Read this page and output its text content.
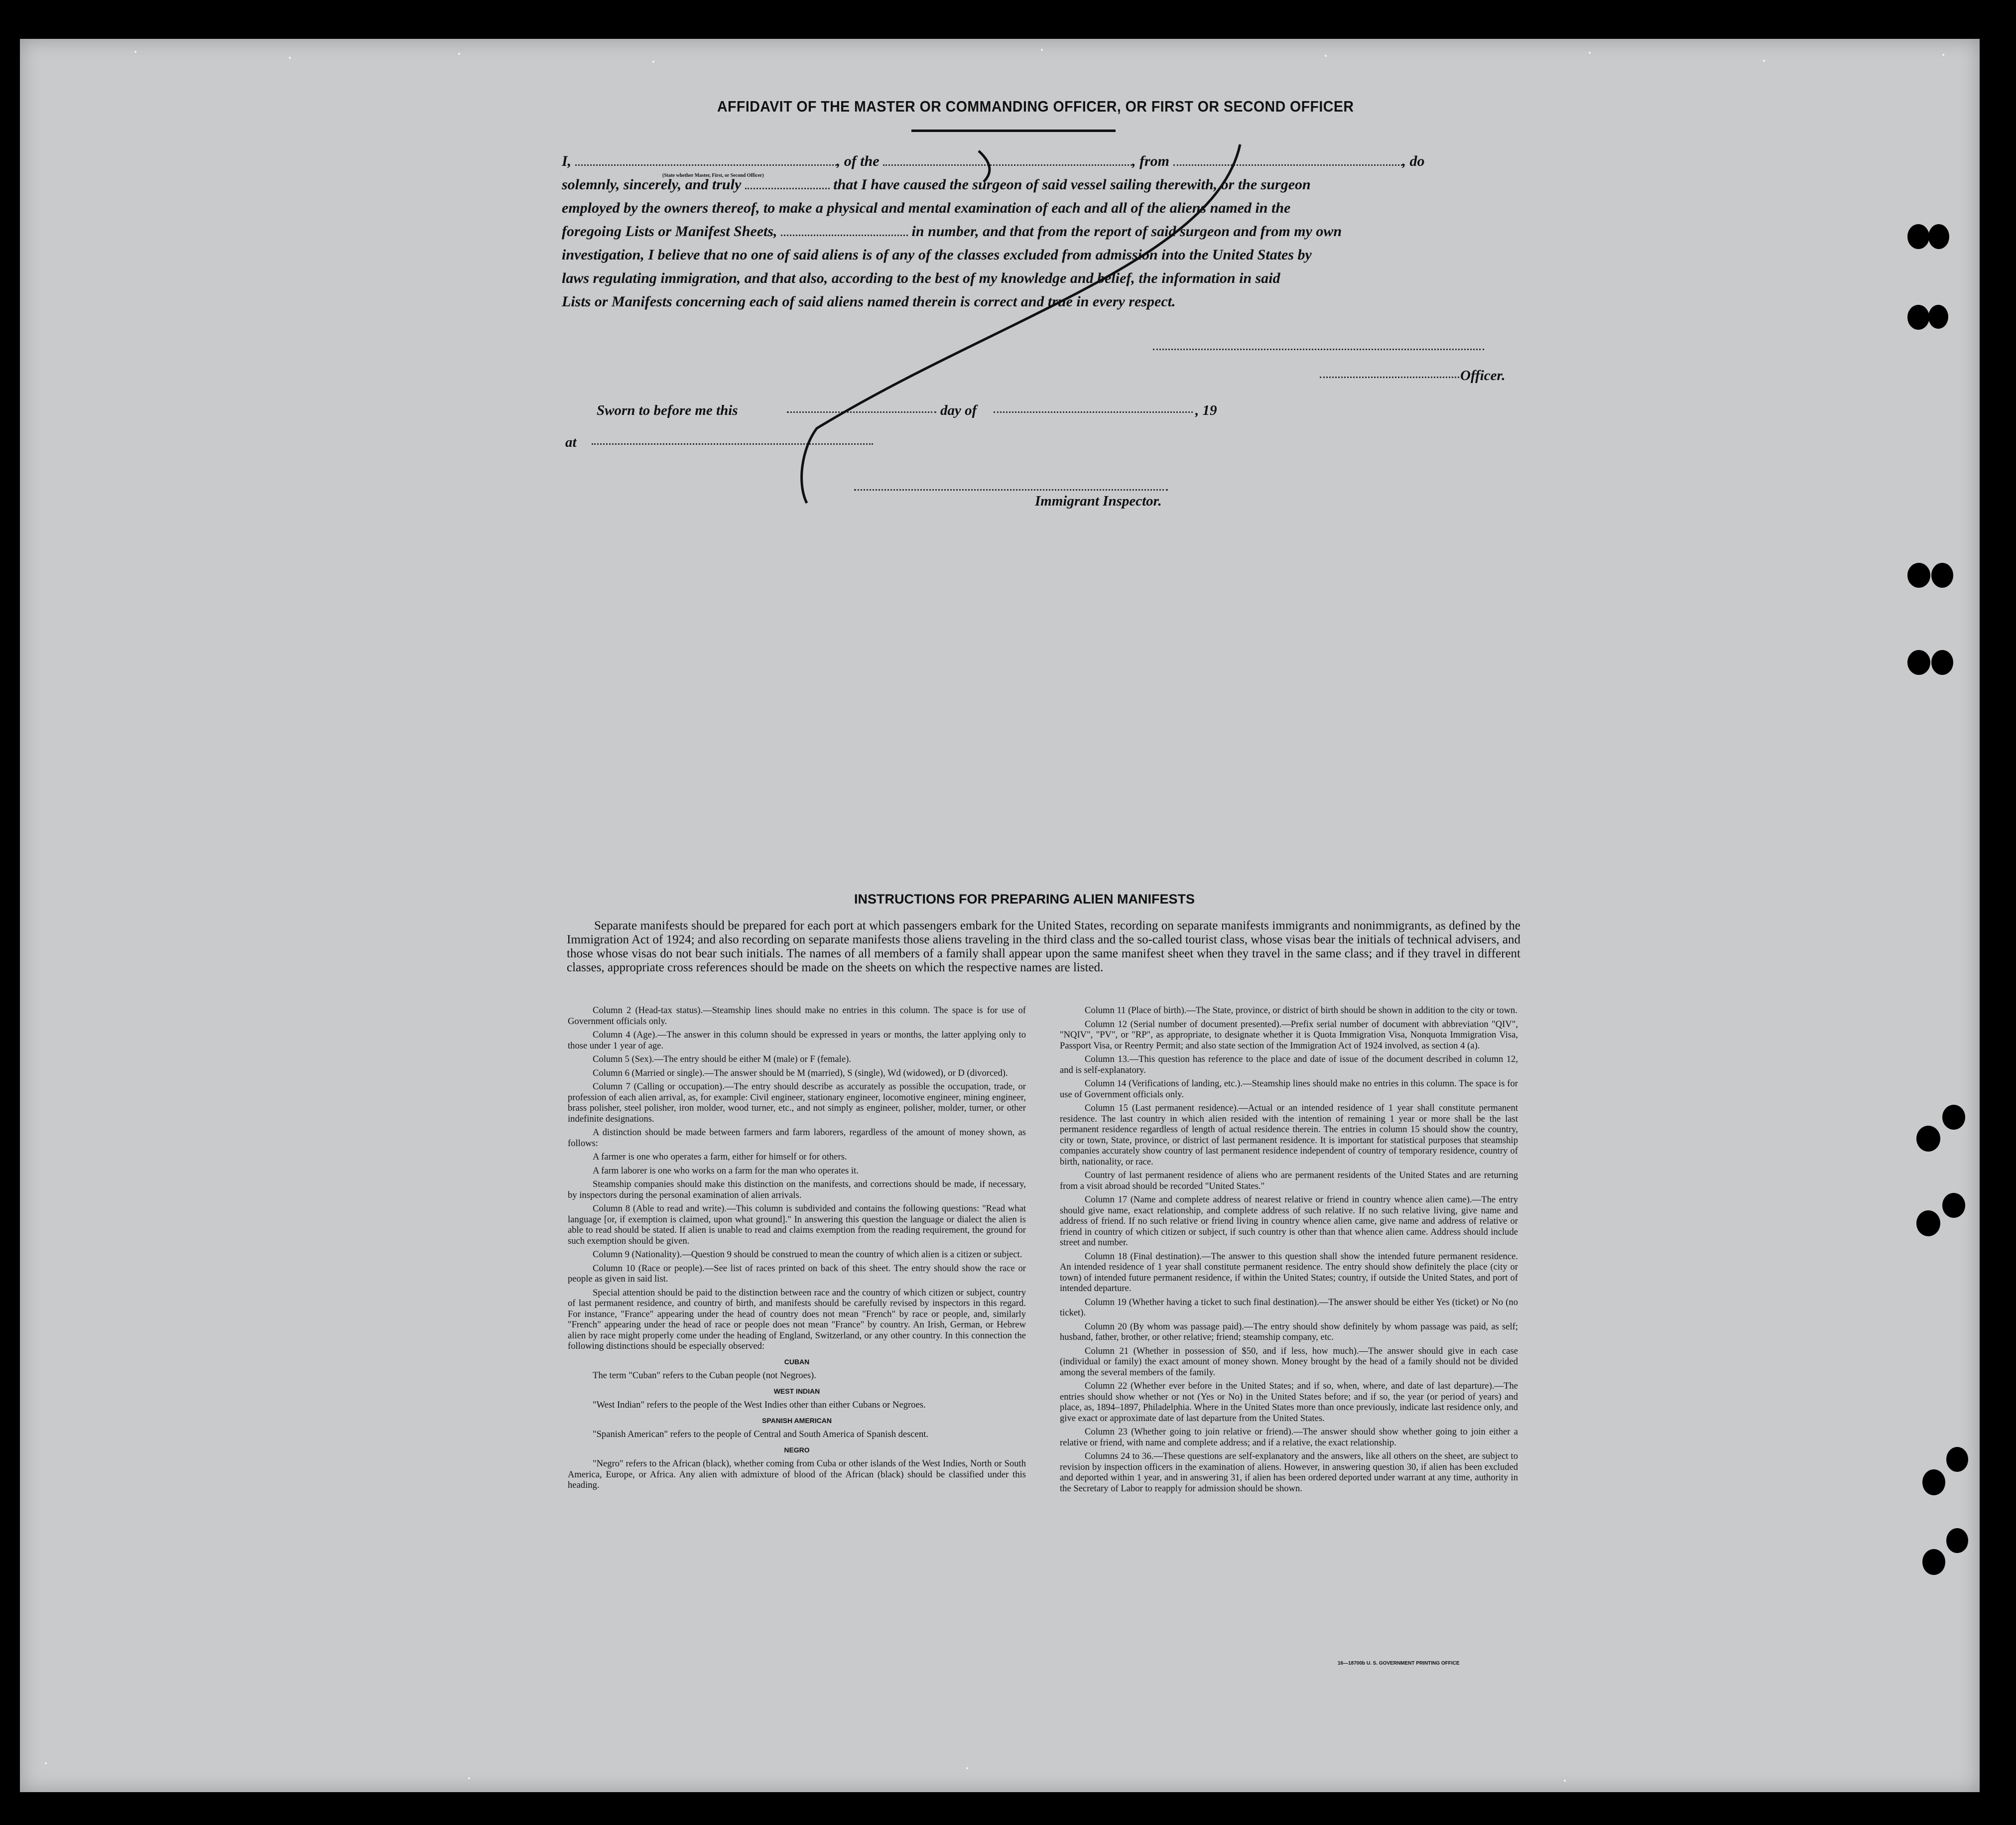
AFFIDAVIT OF THE MASTER OR COMMANDING OFFICER, OR FIRST OR SECOND OFFICER
I,	, of the	, from	, do
solemnly, sincerely, and truly	that I have caused the surgeon of said vessel sailing therewith, or the surgeon
employed by the owners thereof, to make a physical and mental examination of each and all of the aliens named in the
foregoing Lists or Manifest Sheets,	in number, and that from the report of said surgeon and from my own
investigation, I believe that no one of said aliens is of any of the classes excluded from admission into the United States by
laws regulating immigration, and that also, according to the best of my knowledge and belief, the information in said
Lists or Manifests concerning each of said aliens named therein is correct and true in every respect.
(State whether Master, First, or Second Officer)
Officer.
Sworn to before me this	day of	, 19
at
Immigrant Inspector.
INSTRUCTIONS FOR PREPARING ALIEN MANIFESTS

Separate manifests should be prepared for each port at which passengers embark for the United States, recording on separate manifests immigrants and nonimmigrants, as defined by the Immigration Act of 1924; and also recording on separate manifests those aliens traveling in the third class and the so-called tourist class, whose visas bear the initials of technical advisers, and those whose visas do not bear such initials. The names of all members of a family shall appear upon the same manifest sheet when they travel in the same class; and if they travel in different classes, appropriate cross references should be made on the sheets on which the respective names are listed.

Column 2 (Head-tax status).—Steamship lines should make no entries in this column. The space is for use of Government officials only.

Column 4 (Age).—The answer in this column should be expressed in years or months, the latter applying only to those under 1 year of age.

Column 5 (Sex).—The entry should be either M (male) or F (female).

Column 6 (Married or single).—The answer should be M (married), S (single), Wd (widowed), or D (divorced).

Column 7 (Calling or occupation).—The entry should describe as accurately as possible the occupation, trade, or profession of each alien arrival, as, for example: Civil engineer, stationary engineer, locomotive engineer, mining engineer, brass polisher, steel polisher, iron molder, wood turner, etc., and not simply as engineer, polisher, molder, turner, or other indefinite designations.

A distinction should be made between farmers and farm laborers, regardless of the amount of money shown, as follows:

A farmer is one who operates a farm, either for himself or for others.

A farm laborer is one who works on a farm for the man who operates it.

Steamship companies should make this distinction on the manifests, and corrections should be made, if necessary, by inspectors during the personal examination of alien arrivals.

Column 8 (Able to read and write).—This column is subdivided and contains the following questions: "Read what language [or, if exemption is claimed, upon what ground]." In answering this question the language or dialect the alien is able to read should be stated. If alien is unable to read and claims exemption from the reading requirement, the ground for such exemption should be given.

Column 9 (Nationality).—Question 9 should be construed to mean the country of which alien is a citizen or subject.

Column 10 (Race or people).—See list of races printed on back of this sheet. The entry should show the race or people as given in said list.

Special attention should be paid to the distinction between race and the country of which citizen or subject, country of last permanent residence, and country of birth, and manifests should be carefully revised by inspectors in this regard. For instance, "France" appearing under the head of country does not mean "French" by race or people, and, similarly "French" appearing under the head of race or people does not mean "France" by country. An Irish, German, or Hebrew alien by race might properly come under the heading of England, Switzerland, or any other country. In this connection the following distinctions should be especially observed:

CUBAN

The term "Cuban" refers to the Cuban people (not Negroes).

WEST INDIAN

"West Indian" refers to the people of the West Indies other than either Cubans or Negroes.

SPANISH AMERICAN

"Spanish American" refers to the people of Central and South America of Spanish descent.

NEGRO

"Negro" refers to the African (black), whether coming from Cuba or other islands of the West Indies, North or South America, Europe, or Africa. Any alien with admixture of blood of the African (black) should be classified under this heading.

Column 11 (Place of birth).—The State, province, or district of birth should be shown in addition to the city or town.

Column 12 (Serial number of document presented).—Prefix serial number of document with abbreviation "QIV", "NQIV", "PV", or "RP", as appropriate, to designate whether it is Quota Immigration Visa, Nonquota Immigration Visa, Passport Visa, or Reentry Permit; and also state section of the Immigration Act of 1924 involved, as section 4 (a).

Column 13.—This question has reference to the place and date of issue of the document described in column 12, and is self-explanatory.

Column 14 (Verifications of landing, etc.).—Steamship lines should make no entries in this column. The space is for use of Government officials only.

Column 15 (Last permanent residence).—Actual or an intended residence of 1 year shall constitute permanent residence. The last country in which alien resided with the intention of remaining 1 year or more shall be the last permanent residence regardless of length of actual residence therein. The entries in column 15 should show the country, city or town, State, province, or district of last permanent residence. It is important for statistical purposes that steamship companies accurately show country of last permanent residence independent of country of temporary residence, country of birth, nationality, or race.

Country of last permanent residence of aliens who are permanent residents of the United States and are returning from a visit abroad should be recorded "United States."

Column 17 (Name and complete address of nearest relative or friend in country whence alien came).—The entry should give name, exact relationship, and complete address of such relative. If no such relative living, give name and address of friend. If no such relative or friend living in country whence alien came, give name and address of relative or friend in country of which citizen or subject, if such country is other than that whence alien came. Address should include street and number.

Column 18 (Final destination).—The answer to this question shall show the intended future permanent residence. An intended residence of 1 year shall constitute permanent residence. The entry should show definitely the place (city or town) of intended future permanent residence, if within the United States; country, if outside the United States, and port of intended departure.

Column 19 (Whether having a ticket to such final destination).—The answer should be either Yes (ticket) or No (no ticket).

Column 20 (By whom was passage paid).—The entry should show definitely by whom passage was paid, as self; husband, father, brother, or other relative; friend; steamship company, etc.

Column 21 (Whether in possession of $50, and if less, how much).—The answer should give in each case (individual or family) the exact amount of money shown. Money brought by the head of a family should not be divided among the several members of the family.

Column 22 (Whether ever before in the United States; and if so, when, where, and date of last departure).—The entries should show whether or not (Yes or No) in the United States before; and if so, the year (or period of years) and place, as, 1894–1897, Philadelphia. Where in the United States more than once previously, indicate last residence only, and give exact or approximate date of last departure from the United States.

Column 23 (Whether going to join relative or friend).—The answer should show whether going to join either a relative or friend, with name and complete address; and if a relative, the exact relationship.

Columns 24 to 36.—These questions are self-explanatory and the answers, like all others on the sheet, are subject to revision by inspection officers in the examination of aliens. However, in answering question 30, if alien has been excluded and deported within 1 year, and in answering 31, if alien has been ordered deported under warrant at any time, authority in the Secretary of Labor to reapply for admission should be shown.

16—18700b U. S. GOVERNMENT PRINTING OFFICE
